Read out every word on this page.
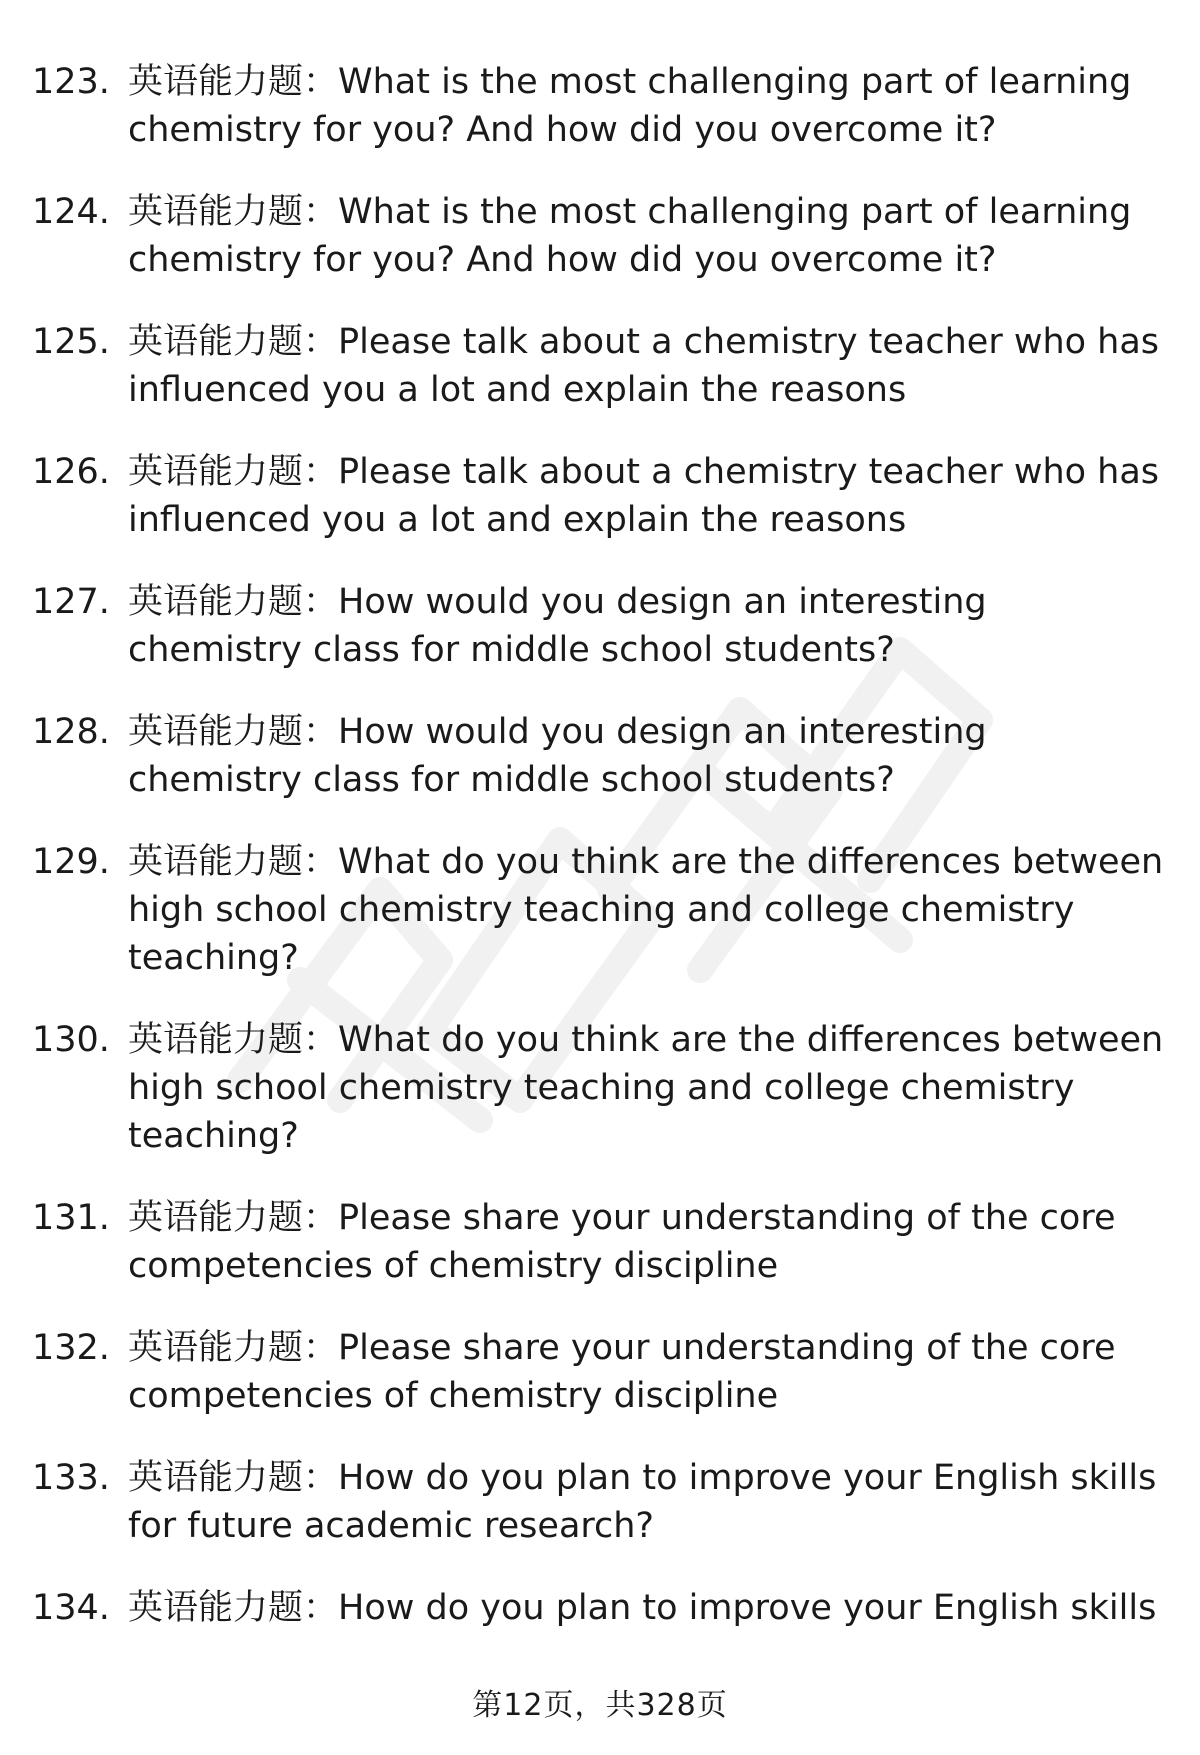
123. 英语能力题：What is the most challenging part of learning chemistry for you? And how did you overcome it?
124. 英语能力题：What is the most challenging part of learning chemistry for you? And how did you overcome it?
125. 英语能力题：Please talk about a chemistry teacher who has influenced you a lot and explain the reasons
126. 英语能力题：Please talk about a chemistry teacher who has influenced you a lot and explain the reasons
127. 英语能力题：How would you design an interesting chemistry class for middle school students?
128. 英语能力题：How would you design an interesting chemistry class for middle school students?
129. 英语能力题：What do you think are the differences between high school chemistry teaching and college chemistry teaching?
130. 英语能力题：What do you think are the differences between high school chemistry teaching and college chemistry teaching?
131. 英语能力题：Please share your understanding of the core competencies of chemistry discipline
132. 英语能力题：Please share your understanding of the core competencies of chemistry discipline
133. 英语能力题：How do you plan to improve your English skills for future academic research?
134. 英语能力题：How do you plan to improve your English skills
第12页，共328页
